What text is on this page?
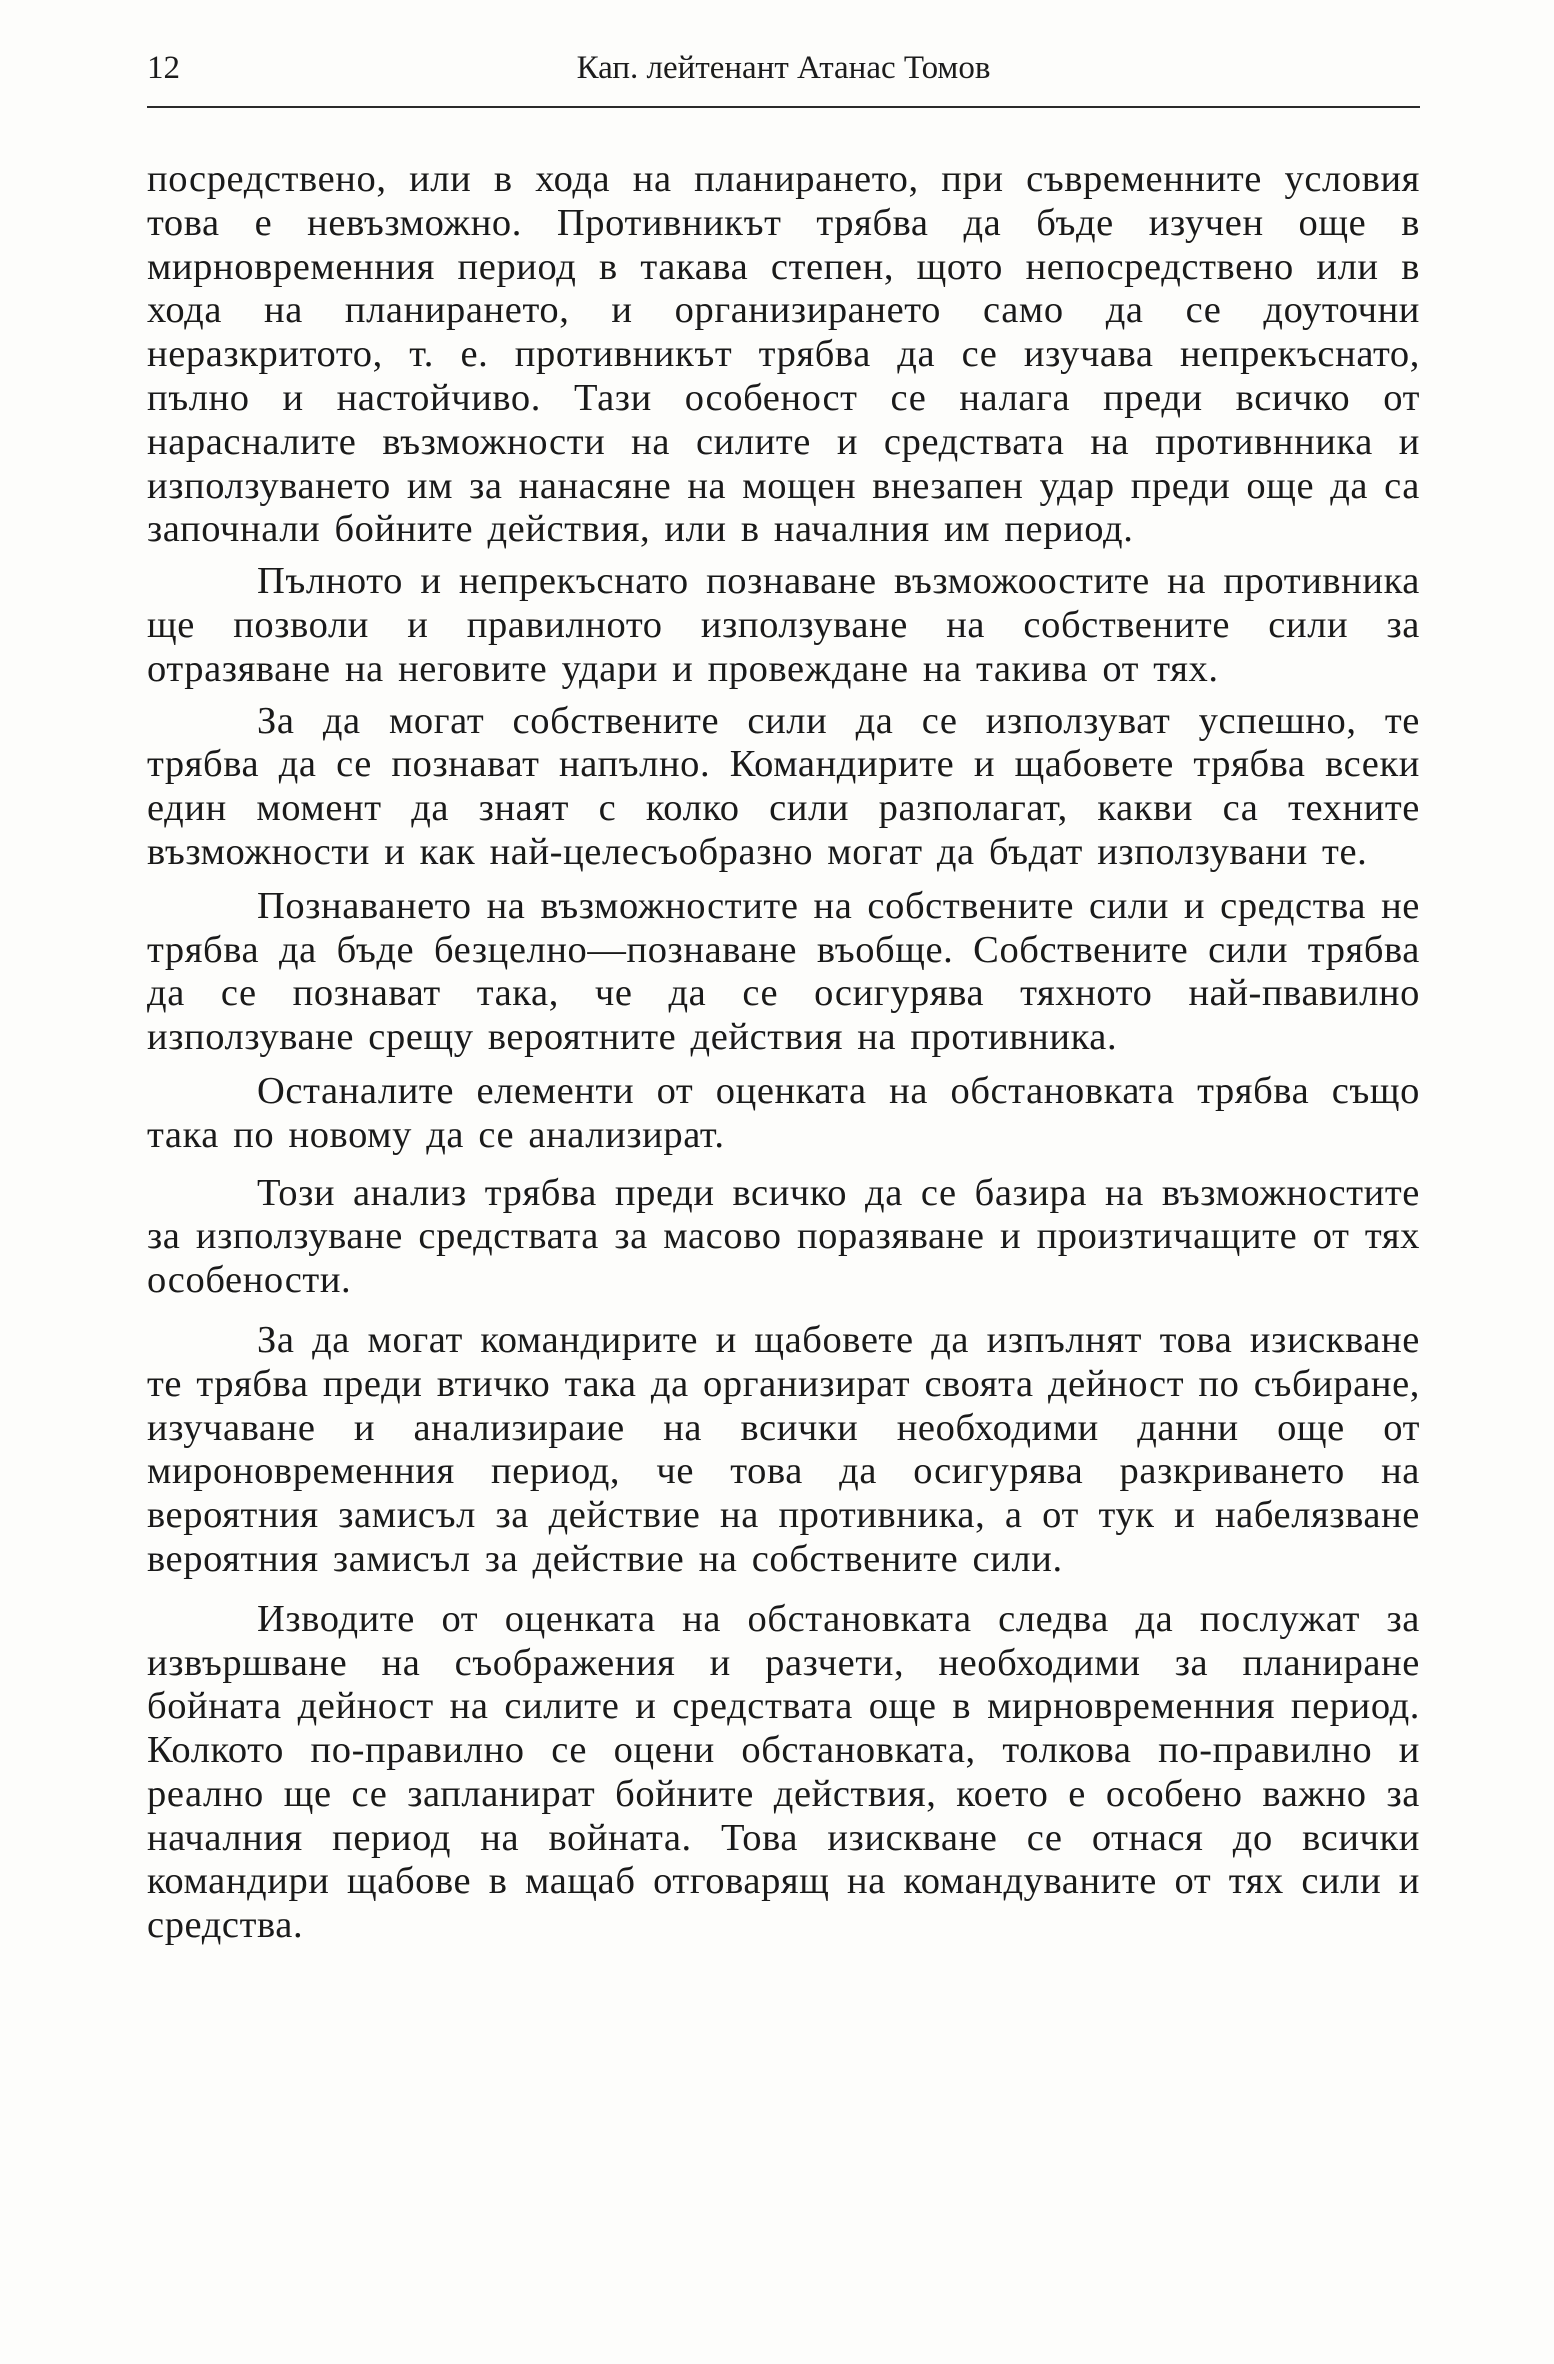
12	Кап. лейтенант Атанас Томов

посредствено, или в хода на планирането, при съвременните условия това е невъзможно. Противникът трябва да бъде изучен още в мирновременния период в такава степен, щото непосредствено или в хода на планирането, и организирането само да се доуточни неразкритото, т. е. противникът трябва да се изучава непрекъснато, пълно и настойчиво. Тази особеност се налага преди всичко от нарасналите възможности на силите и средствата на противнника и използуването им за нанасяне на мощен внезапен удар преди още да са започнали бойните действия, или в началния им период.

Пълното и непрекъснато познаване възможоостите на противника ще позволи и правилното използуване на собствените сили за отразяване на неговите удари и провеждане на такива от тях.

За да могат собствените сили да се използуват успешно, те трябва да се познават напълно. Командирите и щабовете трябва всеки един момент да знаят с колко сили разполагат, какви са техните възможности и как най-целесъобразно могат да бъдат използувани те.

Познаването на възможностите на собствените сили и средства не трябва да бъде безцелно—познаване въобще. Собствените сили трябва да се познават така, че да се осигурява тяхното най-пвавилно използуване срещу вероятните действия на противника.

Останалите елементи от оценката на обстановката трябва също така по новому да се анализират.

Този анализ трябва преди всичко да се базира на възможностите за използуване средствата за масово поразяване и произтичащите от тях особености.

За да могат командирите и щабовете да изпълнят това изискване те трябва преди втичко така да организират своята дейност по събиране, изучаване и анализираие на всички необходими данни още от мироновременния период, че това да осигурява разкриването на вероятния замисъл за действие на противника, а от тук и набелязване вероятния замисъл за действие на собствените сили.

Изводите от оценката на обстановката следва да послужат за извършване на съображения и разчети, необходими за планиране бойната дейност на силите и средствата още в мирновременния период. Колкото по-правилно се оцени обстановката, толкова по-правилно и реално ще се запланират бойните действия, което е особено важно за началния период на войната. Това изискване се отнася до всички командири щабове в мащаб отговарящ на командуваните от тях сили и средства.
